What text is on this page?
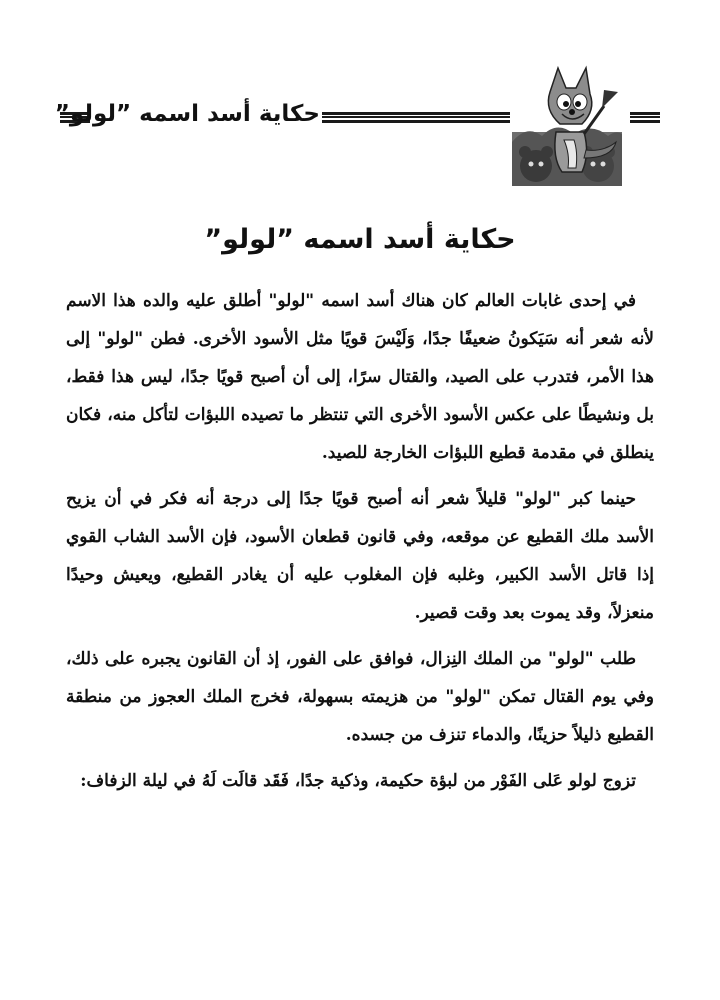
حكاية أسد اسمه ”لولو”
حكاية أسد اسمه ”لولو”

في إحدى غابات العالم كان هناك أسد اسمه "لولو" أطلق عليه والده هذا الاسم لأنه شعر أنه سَيَكونُ ضعيفًا جدًا، وَلَيْسَ قويًا مثل الأسود الأخرى. فطن "لولو" إلى هذا الأمر، فتدرب على الصيد، والقتال سرًا، إلى أن أصبح قويًا جدًا، ليس هذا فقط، بل ونشيطًا على عكس الأسود الأخرى التي تنتظر ما تصيده اللبؤات لتأكل منه، فكان ينطلق في مقدمة قطيع اللبؤات الخارجة للصيد.

حينما كبر "لولو" قليلاً شعر أنه أصبح قويًا جدًا إلى درجة أنه فكر في أن يزيح الأسد ملك القطيع عن موقعه، وفي قانون قطعان الأسود، فإن الأسد الشاب القوي إذا قاتل الأسد الكبير، وغلبه فإن المغلوب عليه أن يغادر القطيع، ويعيش وحيدًا منعزلاً، وقد يموت بعد وقت قصير.

طلب "لولو" من الملك النِزال، فوافق على الفور، إذ أن القانون يجبره على ذلك، وفي يوم القتال تمكن "لولو" من هزيمته بسهولة، فخرج الملك العجوز من منطقة القطيع ذليلاً حزينًا، والدماء تنزف من جسده.

تزوج لولو عَلى الفَوْر من لبؤة حكيمة، وذكية جدًا، فَقَد قالَت لَهُ في ليلة الزفاف:
